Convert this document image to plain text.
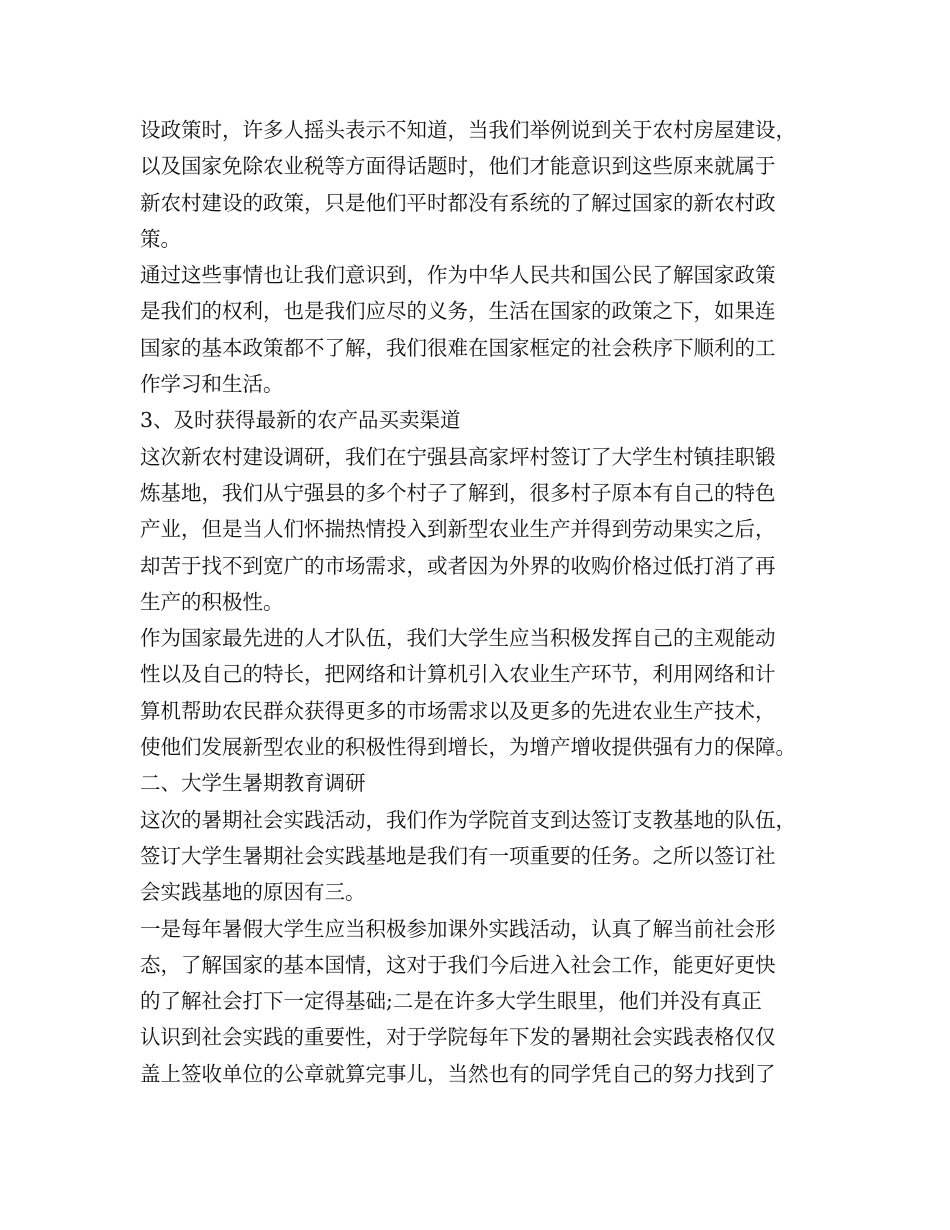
设政策时，许多人摇头表示不知道，当我们举例说到关于农村房屋建设，
以及国家免除农业税等方面得话题时，他们才能意识到这些原来就属于
新农村建设的政策，只是他们平时都没有系统的了解过国家的新农村政
策。
通过这些事情也让我们意识到，作为中华人民共和国公民了解国家政策
是我们的权利，也是我们应尽的义务，生活在国家的政策之下，如果连
国家的基本政策都不了解，我们很难在国家框定的社会秩序下顺利的工
作学习和生活。
3、及时获得最新的农产品买卖渠道
这次新农村建设调研，我们在宁强县高家坪村签订了大学生村镇挂职锻
炼基地，我们从宁强县的多个村子了解到，很多村子原本有自己的特色
产业，但是当人们怀揣热情投入到新型农业生产并得到劳动果实之后，
却苦于找不到宽广的市场需求，或者因为外界的收购价格过低打消了再
生产的积极性。
作为国家最先进的人才队伍，我们大学生应当积极发挥自己的主观能动
性以及自己的特长，把网络和计算机引入农业生产环节，利用网络和计
算机帮助农民群众获得更多的市场需求以及更多的先进农业生产技术，
使他们发展新型农业的积极性得到增长，为增产增收提供强有力的保障。
二、大学生暑期教育调研
这次的暑期社会实践活动，我们作为学院首支到达签订支教基地的队伍，
签订大学生暑期社会实践基地是我们有一项重要的任务。之所以签订社
会实践基地的原因有三。
一是每年暑假大学生应当积极参加课外实践活动，认真了解当前社会形
态，了解国家的基本国情，这对于我们今后进入社会工作，能更好更快
的了解社会打下一定得基础;二是在许多大学生眼里，他们并没有真正
认识到社会实践的重要性，对于学院每年下发的暑期社会实践表格仅仅
盖上签收单位的公章就算完事儿，当然也有的同学凭自己的努力找到了
